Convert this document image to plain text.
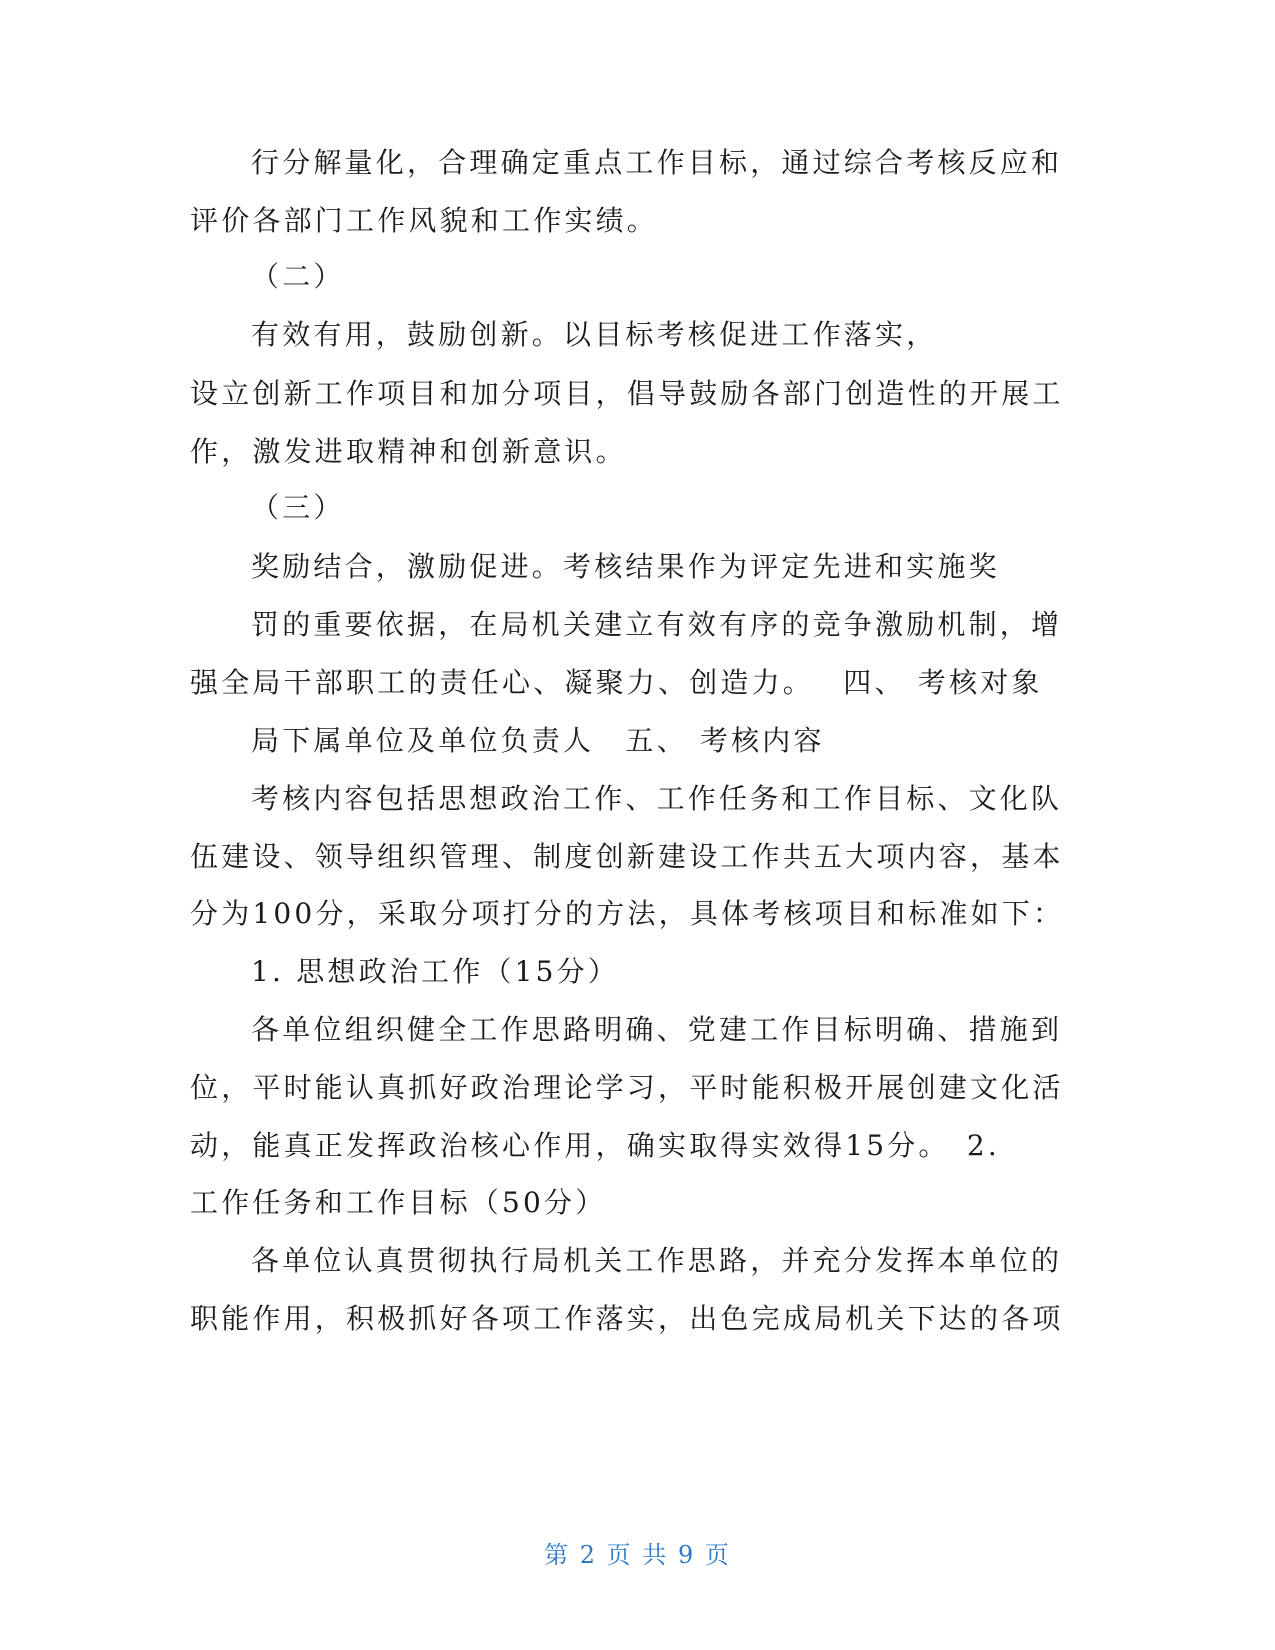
行分解量化，合理确定重点工作目标，通过综合考核反应和
评价各部门工作风貌和工作实绩。
（二）
有效有用，鼓励创新。以目标考核促进工作落实，
设立创新工作项目和加分项目，倡导鼓励各部门创造性的开展工
作，激发进取精神和创新意识。
（三）
奖励结合，激励促进。考核结果作为评定先进和实施奖
罚的重要依据，在局机关建立有效有序的竞争激励机制，增
强全局干部职工的责任心、凝聚力、创造力。　 四、 考核对象
局下属单位及单位负责人　五、 考核内容
考核内容包括思想政治工作、工作任务和工作目标、文化队
伍建设、领导组织管理、制度创新建设工作共五大项内容，基本
分为100分，采取分项打分的方法，具体考核项目和标准如下：
1. 思想政治工作（15分）
各单位组织健全工作思路明确、党建工作目标明确、措施到
位，平时能认真抓好政治理论学习，平时能积极开展创建文化活
动，能真正发挥政治核心作用，确实取得实效得15分。　2.
工作任务和工作目标（50分）
各单位认真贯彻执行局机关工作思路，并充分发挥本单位的
职能作用，积极抓好各项工作落实，出色完成局机关下达的各项
第 2 页 共 9 页
